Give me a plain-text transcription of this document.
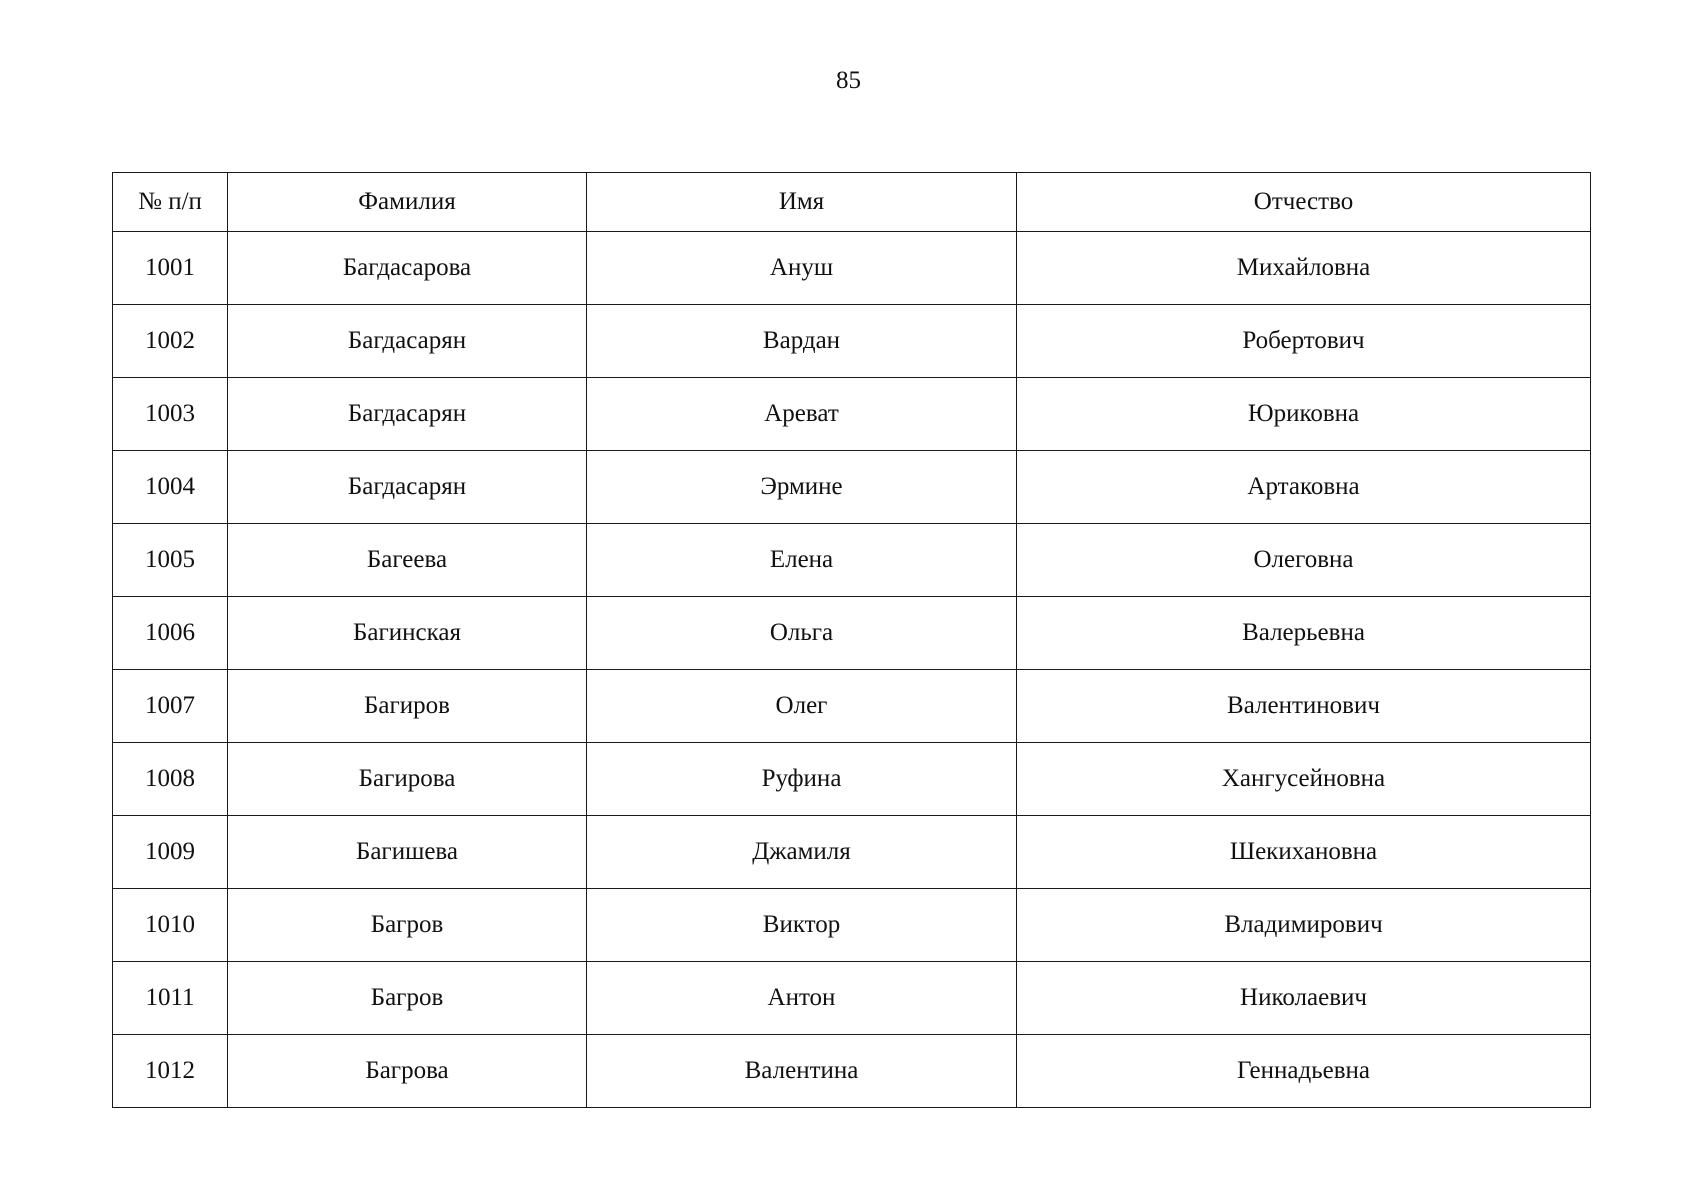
85
№ п/п	Фамилия	Имя	Отчество
1001	Багдасарова	Ануш	Михайловна
1002	Багдасарян	Вардан	Робертович
1003	Багдасарян	Ареват	Юриковна
1004	Багдасарян	Эрмине	Артаковна
1005	Багеева	Елена	Олеговна
1006	Багинская	Ольга	Валерьевна
1007	Багиров	Олег	Валентинович
1008	Багирова	Руфина	Хангусейновна
1009	Багишева	Джамиля	Шекихановна
1010	Багров	Виктор	Владимирович
1011	Багров	Антон	Николаевич
1012	Багрова	Валентина	Геннадьевна
